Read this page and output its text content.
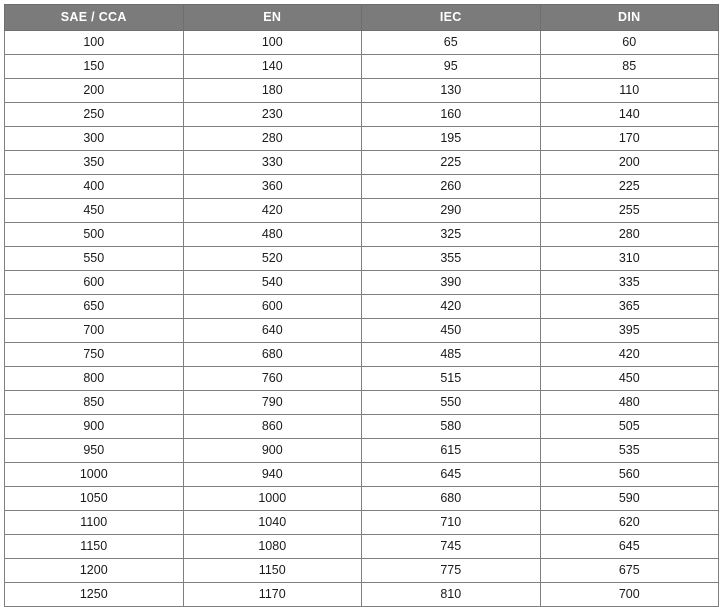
SAE / CCA	EN	IEC	DIN
100	100	65	60
150	140	95	85
200	180	130	110
250	230	160	140
300	280	195	170
350	330	225	200
400	360	260	225
450	420	290	255
500	480	325	280
550	520	355	310
600	540	390	335
650	600	420	365
700	640	450	395
750	680	485	420
800	760	515	450
850	790	550	480
900	860	580	505
950	900	615	535
1000	940	645	560
1050	1000	680	590
1100	1040	710	620
1150	1080	745	645
1200	1150	775	675
1250	1170	810	700
